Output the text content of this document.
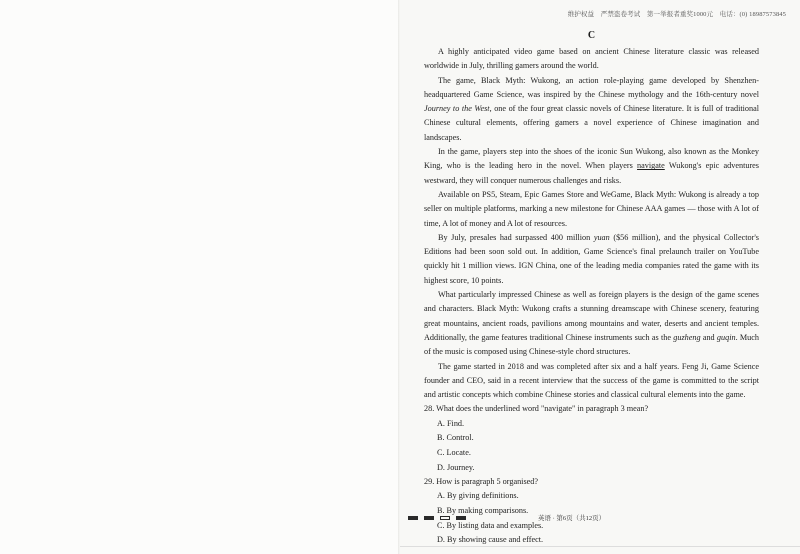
维护权益　严禁盗卷考试　第一举报者重奖1000元　电话：(0) 18987573845
C

A highly anticipated video game based on ancient Chinese literature classic was released worldwide in July, thrilling gamers around the world.

The game, Black Myth: Wukong, an action role-playing game developed by Shenzhen-headquartered Game Science, was inspired by the Chinese mythology and the 16th-century novel Journey to the West, one of the four great classic novels of Chinese literature. It is full of traditional Chinese cultural elements, offering gamers a novel experience of Chinese imagination and landscapes.

In the game, players step into the shoes of the iconic Sun Wukong, also known as the Monkey King, who is the leading hero in the novel. When players navigate Wukong's epic adventures westward, they will conquer numerous challenges and risks.

Available on PS5, Steam, Epic Games Store and WeGame, Black Myth: Wukong is already a top seller on multiple platforms, marking a new milestone for Chinese AAA games — those with A lot of time, A lot of money and A lot of resources.

By July, presales had surpassed 400 million yuan ($56 million), and the physical Collector's Editions had been soon sold out. In addition, Game Science's final prelaunch trailer on YouTube quickly hit 1 million views. IGN China, one of the leading media companies rated the game with its highest score, 10 points.

What particularly impressed Chinese as well as foreign players is the design of the game scenes and characters. Black Myth: Wukong crafts a stunning dreamscape with Chinese scenery, featuring great mountains, ancient roads, pavilions among mountains and water, deserts and ancient temples. Additionally, the game features traditional Chinese instruments such as the guzheng and guqin. Much of the music is composed using Chinese-style chord structures.

The game started in 2018 and was completed after six and a half years. Feng Ji, Game Science founder and CEO, said in a recent interview that the success of the game is committed to the script and artistic concepts which combine Chinese stories and classical cultural elements into the game.

28. What does the underlined word "navigate" in paragraph 3 mean?
A. Find.
B. Control.
C. Locate.
D. Journey.
29. How is paragraph 5 organised?
A. By giving definitions.
B. By making comparisons.
C. By listing data and examples.
D. By showing cause and effect.
英语 · 第6页（共12页）
